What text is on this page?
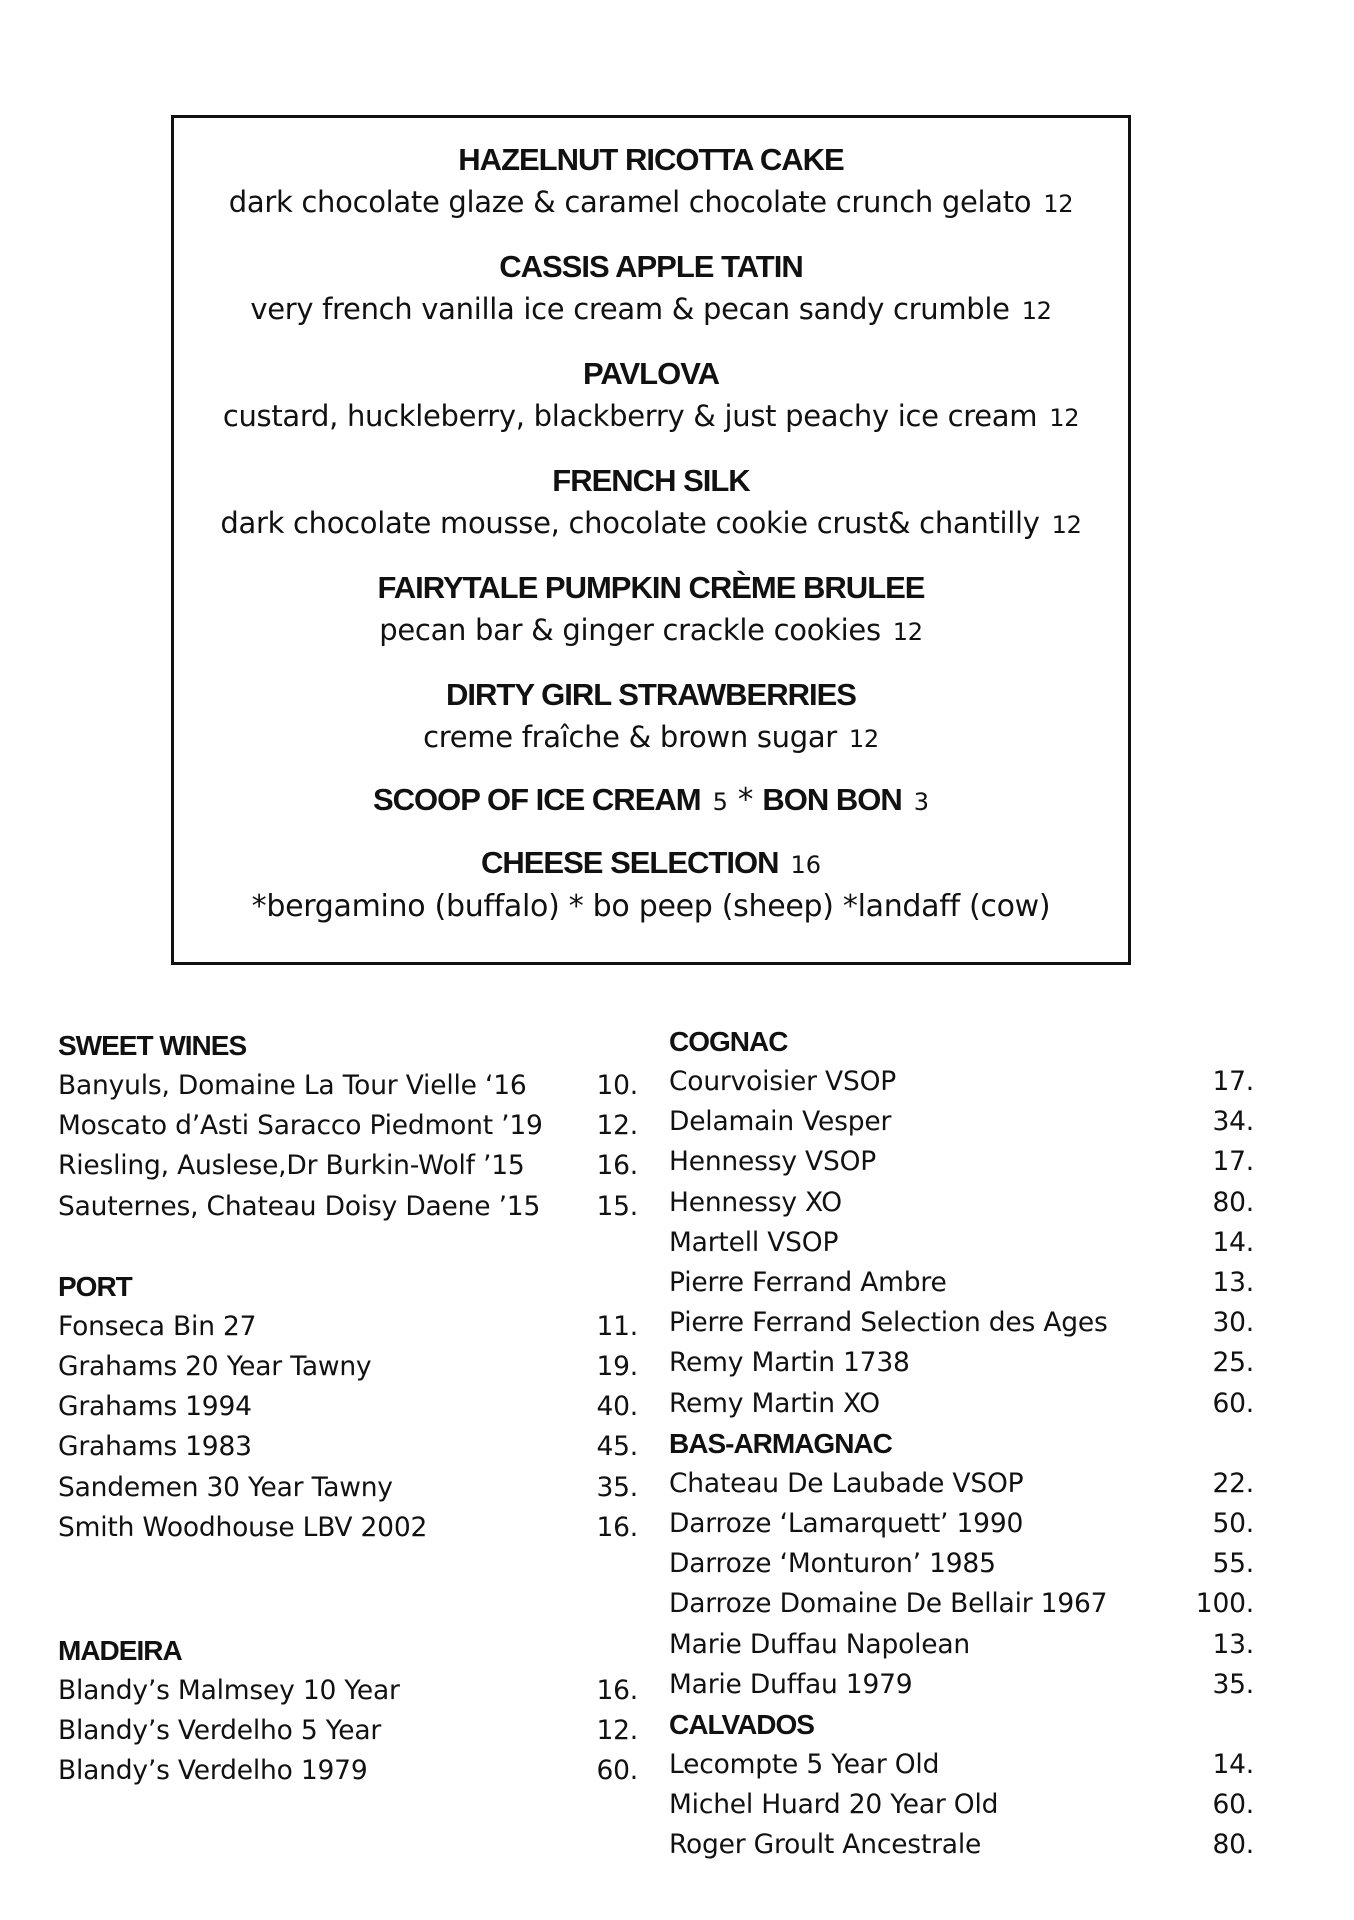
HAZELNUT RICOTTA CAKE
dark chocolate glaze & caramel chocolate crunch gelato 12
CASSIS APPLE TATIN
very french vanilla ice cream & pecan sandy crumble 12
PAVLOVA
custard, huckleberry, blackberry & just peachy ice cream 12
FRENCH SILK
dark chocolate mousse, chocolate cookie crust& chantilly 12
FAIRYTALE PUMPKIN CRÈME BRULEE
pecan bar & ginger crackle cookies 12
DIRTY GIRL STRAWBERRIES
creme fraîche & brown sugar 12
SCOOP OF ICE CREAM 5 * BON BON 3
CHEESE SELECTION 16
*bergamino (buffalo) * bo peep (sheep) *landaff (cow)
SWEET WINES
Banyuls, Domaine La Tour Vielle ‘16	10.
Moscato d’Asti Saracco Piedmont ’19	12.
Riesling, Auslese,Dr Burkin-Wolf ’15	16.
Sauternes, Chateau Doisy Daene ’15	15.
PORT
Fonseca Bin 27	11.
Grahams 20 Year Tawny	19.
Grahams 1994	40.
Grahams 1983	45.
Sandemen 30 Year Tawny	35.
Smith Woodhouse LBV 2002	16.
MADEIRA
Blandy’s Malmsey 10 Year	16.
Blandy’s Verdelho 5 Year	12.
Blandy’s Verdelho 1979	60.
COGNAC
Courvoisier VSOP	17.
Delamain Vesper	34.
Hennessy VSOP	17.
Hennessy XO	80.
Martell VSOP	14.
Pierre Ferrand Ambre	13.
Pierre Ferrand Selection des Ages	30.
Remy Martin 1738	25.
Remy Martin XO	60.
BAS-ARMAGNAC
Chateau De Laubade VSOP	22.
Darroze ‘Lamarquett’ 1990	50.
Darroze ‘Monturon’ 1985	55.
Darroze Domaine De Bellair 1967	100.
Marie Duffau Napolean	13.
Marie Duffau 1979	35.
CALVADOS
Lecompte 5 Year Old	14.
Michel Huard 20 Year Old	60.
Roger Groult Ancestrale	80.
